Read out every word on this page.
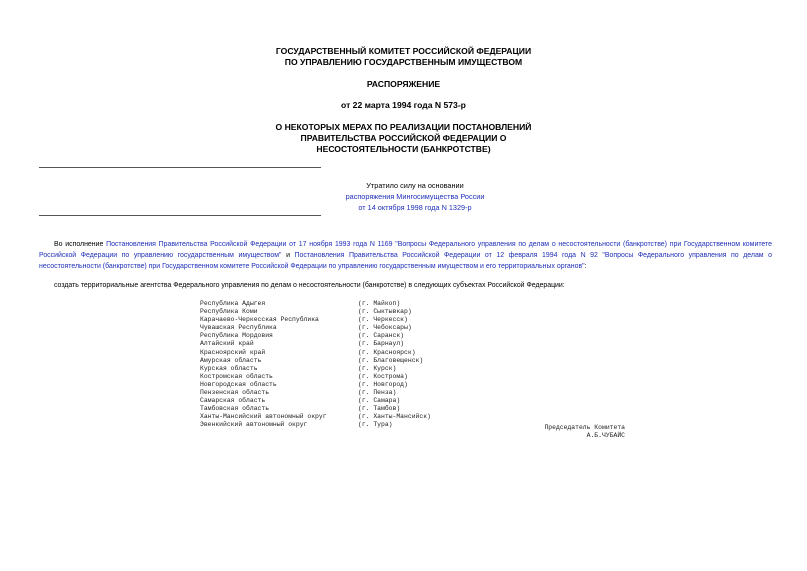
ГОСУДАРСТВЕННЫЙ КОМИТЕТ РОССИЙСКОЙ ФЕДЕРАЦИИ
ПО УПРАВЛЕНИЮ ГОСУДАРСТВЕННЫМ ИМУЩЕСТВОМ
РАСПОРЯЖЕНИЕ
от 22 марта 1994 года N 573-р
О НЕКОТОРЫХ МЕРАХ ПО РЕАЛИЗАЦИИ ПОСТАНОВЛЕНИЙ
ПРАВИТЕЛЬСТВА РОССИЙСКОЙ ФЕДЕРАЦИИ О
НЕСОСТОЯТЕЛЬНОСТИ (БАНКРОТСТВЕ)
Утратило силу на основании
распоряжения Мингосимущества России
от 14 октября 1998 года N 1329-р
Во исполнение Постановления Правительства Российской Федерации от 17 ноября 1993 года N 1169 "Вопросы Федерального управления по делам о несостоятельности (банкротстве) при Государственном комитете Российской Федерации по управлению государственным имуществом" и Постановления Правительства Российской Федерации от 12 февраля 1994 года N 92 "Вопросы Федерального управления по делам о несостоятельности (банкротстве) при Государственном комитете Российской Федерации по управлению государственным имуществом и его территориальных органов":
создать территориальные агентства Федерального управления по делам о несостоятельности (банкротстве) в следующих субъектах Российской Федерации:
Республика Адыгея	(г. Майкоп)
Республика Коми	(г. Сыктывкар)
Карачаево-Черкесская Республика	(г. Черкесск)
Чувашская Республика	(г. Чебоксары)
Республика Мордовия	(г. Саранск)
Алтайский край	(г. Барнаул)
Красноярский край	(г. Красноярск)
Амурская область	(г. Благовещенск)
Курская область	(г. Курск)
Костромская область	(г. Кострома)
Новгородская область	(г. Новгород)
Пензенская область	(г. Пенза)
Самарская область	(г. Самара)
Тамбовская область	(г. Тамбов)
Ханты-Мансийский автономный округ	(г. Ханты-Мансийск)
Эвенкийский автономный округ	(г. Тура)	Председатель Комитета
А.Б.ЧУБАЙС
